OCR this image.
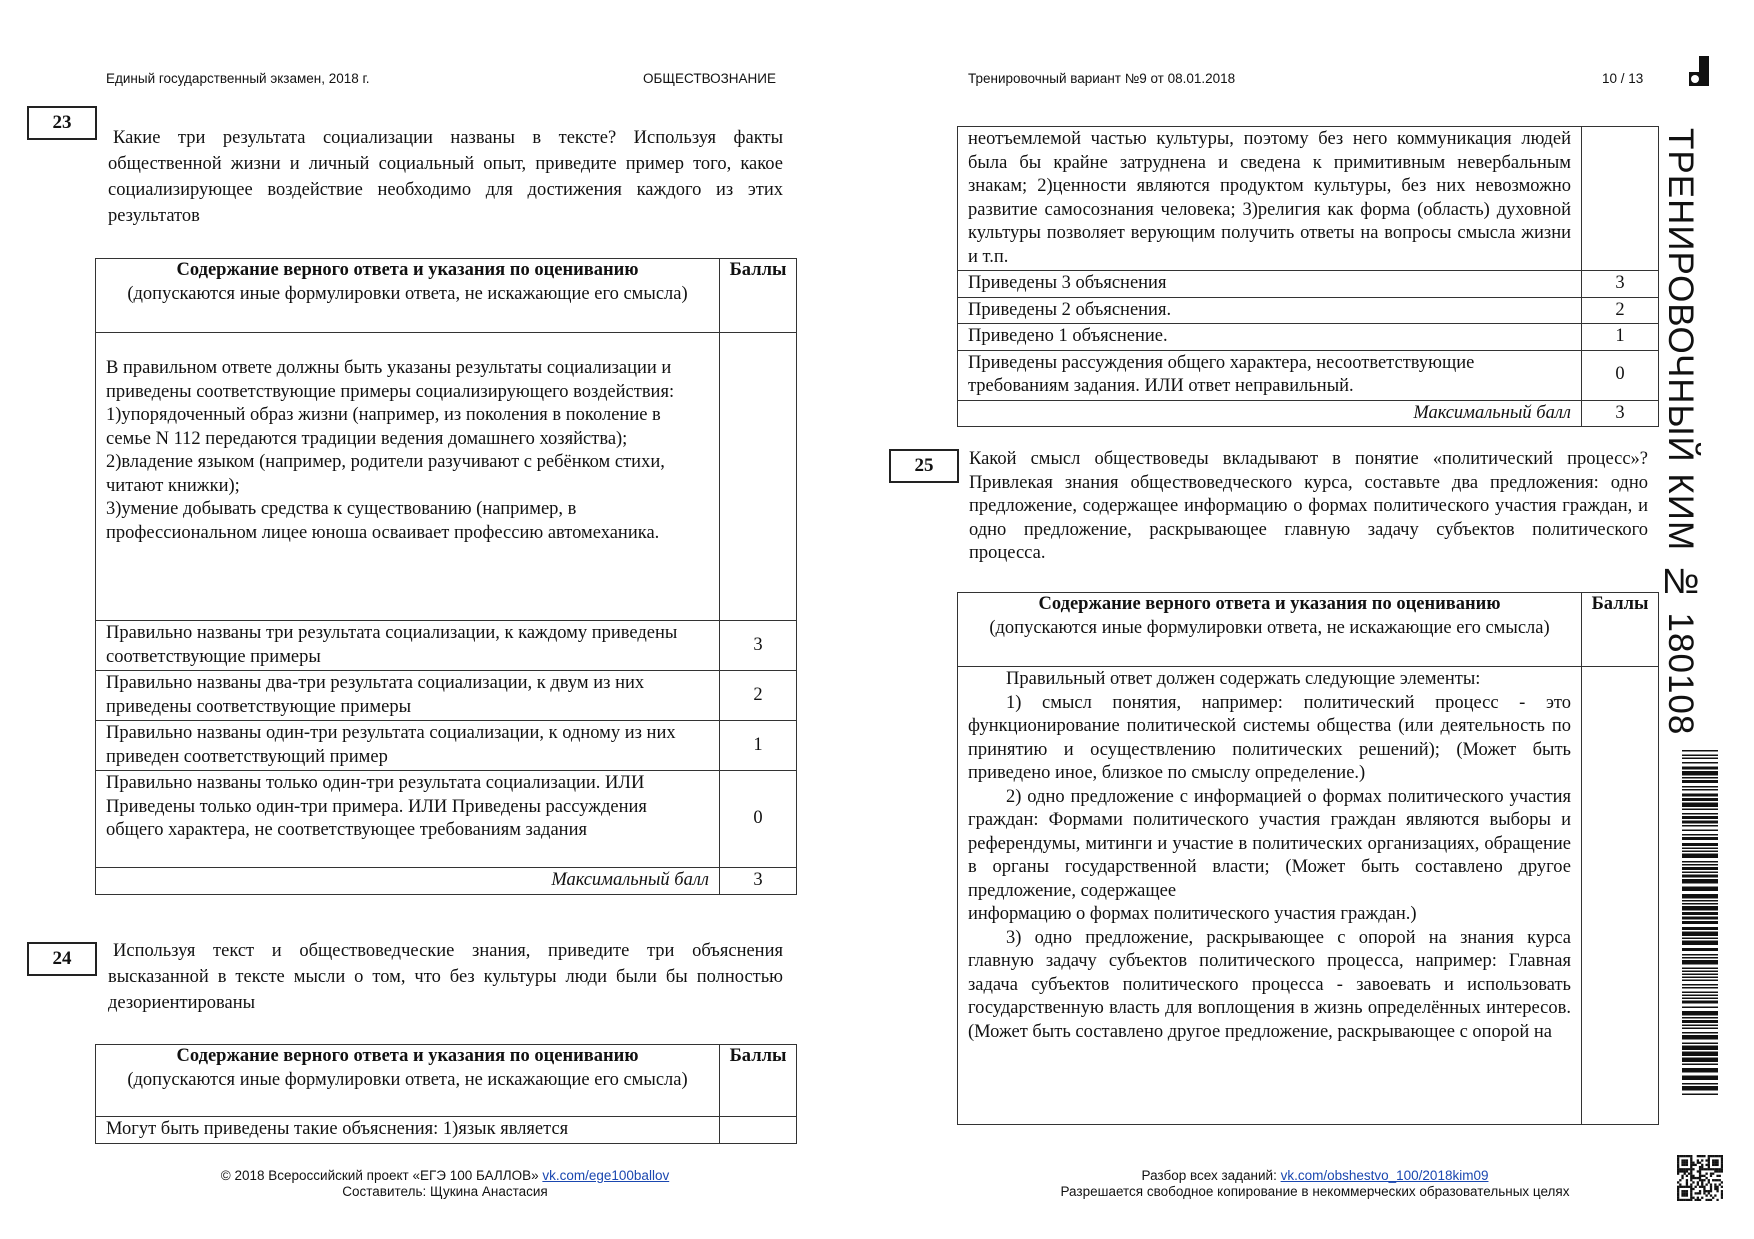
Единый государственный экзамен, 2018 г.	ОБЩЕСТВОЗНАНИЕ	Тренировочный вариант №9 от 08.01.2018	10 / 13
ТРЕНИРОВОЧНЫЙ КИМ № 180108
23
Какие три результата социализации названы в тексте? Используя факты общественной жизни и личный социальный опыт, приведите пример того, какое социализирующее воздействие необходимо для достижения каждого из этих результатов
Содержание верного ответа и указания по оцениванию
(допускаются иные формулировки ответа, не искажающие его смысла)	Баллы

В правильном ответе должны быть указаны результаты социализации и приведены соответствующие примеры социализирующего воздействия:
1)упорядоченный образ жизни (например, из поколения в поколение в семье N 112 передаются традиции ведения домашнего хозяйства);
2)владение языком (например, родители разучивают с ребёнком стихи, читают книжки);
3)умение добывать средства к существованию (например, в профессиональном лицее юноша осваивает профессию автомеханика.	

Правильно названы три результата социализации, к каждому приведены соответствующие примеры	3
Правильно названы два-три результата социализации, к двум из них приведены соответствующие примеры	2
Правильно названы один-три результата социализации, к одному из них приведен соответствующий пример	1
Правильно названы только один-три результата социализации. ИЛИ Приведены только один-три примера. ИЛИ Приведены рассуждения общего характера, не соответствующее требованиям задания	0
Максимальный балл	3
24	Используя текст и обществоведческие знания, приведите три объяснения высказанной в тексте мысли о том, что без культуры люди были бы полностью дезориентированы
Содержание верного ответа и указания по оцениванию
(допускаются иные формулировки ответа, не искажающие его смысла)	Баллы
Могут быть приведены такие объяснения: 1)язык является	
неотъемлемой частью культуры, поэтому без него коммуникация людей была бы крайне затруднена и сведена к примитивным невербальным знакам; 2)ценности являются продуктом культуры, без них невозможно развитие самосознания человека; 3)религия как форма (область) духовной культуры позволяет верующим получить ответы на вопросы смысла жизни и т.п.	
Приведены 3 объяснения	3
Приведены 2 объяснения.	2
Приведено 1 объяснение.	1
Приведены рассуждения общего характера, несоответствующие требованиям задания. ИЛИ ответ неправильный.	0
Максимальный балл	3
25	Какой смысл обществоведы вкладывают в понятие «политический процесс»? Привлекая знания обществоведческого курса, составьте два предложения: одно предложение, содержащее информацию о формах политического участия граждан, и одно предложение, раскрывающее главную задачу субъектов политического процесса.
Содержание верного ответа и указания по оцениванию
(допускаются иные формулировки ответа, не искажающие его смысла)	Баллы

Правильный ответ должен содержать следующие элементы:
1) смысл понятия, например: политический процесс - это функционирование политической системы общества (или деятельность по принятию и осуществлению политических решений); (Может быть приведено иное, близкое по смыслу определение.)
2) одно предложение с информацией о формах политического участия граждан: Формами политического участия граждан являются выборы и референдумы, митинги и участие в политических организациях, обращение в органы государственной власти; (Может быть составлено другое предложение, содержащее
информацию о формах политического участия граждан.)
3) одно предложение, раскрывающее с опорой на знания курса главную задачу субъектов политического процесса, например: Главная задача субъектов политического процесса - завоевать и использовать государственную власть для воплощения в жизнь определённых интересов. (Может быть составлено другое предложение, раскрывающее с опорой на	

© 2018 Всероссийский проект «ЕГЭ 100 БАЛЛОВ» vk.com/ege100ballov
Составитель: Щукина Анастасия
Разбор всех заданий: vk.com/obshestvo_100/2018kim09
Разрешается свободное копирование в некоммерческих образовательных целях
